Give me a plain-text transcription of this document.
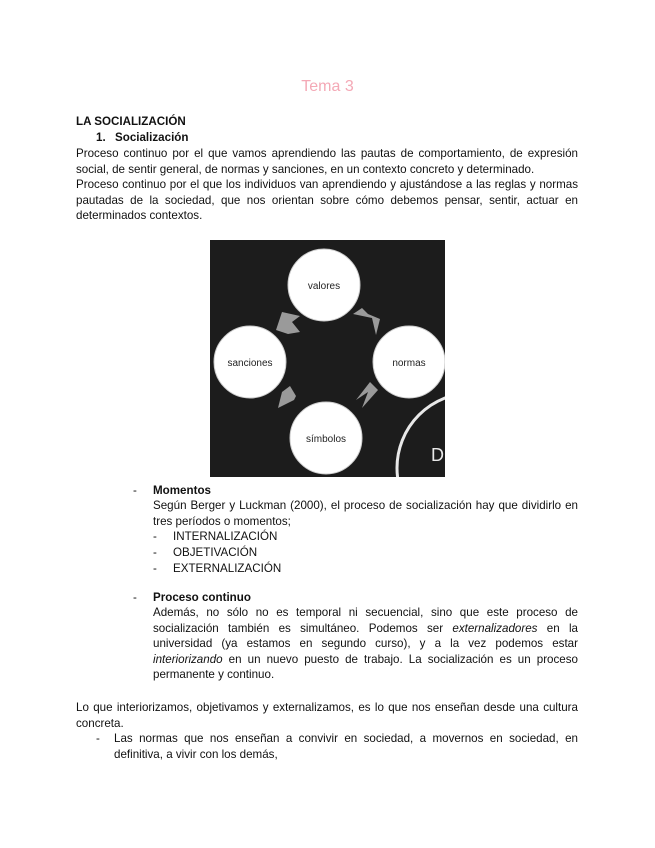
Tema 3
LA SOCIALIZACIÓN
1. Socialización
Proceso continuo por el que vamos aprendiendo las pautas de comportamiento, de expresión social, de sentir general, de normas y sanciones, en un contexto concreto y determinado.
Proceso continuo por el que los individuos van aprendiendo y ajustándose a las reglas y normas pautadas de la sociedad, que nos orientan sobre cómo debemos pensar, sentir, actuar en determinados contextos.
D
valores
normas
símbolos
sanciones
- Momentos
Según Berger y Luckman (2000), el proceso de socialización hay que dividirlo en tres períodos o momentos;
- INTERNALIZACIÓN
- OBJETIVACIÓN
- EXTERNALIZACIÓN
- Proceso continuo
Además, no sólo no es temporal ni secuencial, sino que este proceso de socialización también es simultáneo. Podemos ser externalizadores en la universidad (ya estamos en segundo curso), y a la vez podemos estar interiorizando en un nuevo puesto de trabajo. La socialización es un proceso permanente y continuo.
Lo que interiorizamos, objetivamos y externalizamos, es lo que nos enseñan desde una cultura concreta.
- Las normas que nos enseñan a convivir en sociedad, a movernos en sociedad, en definitiva, a vivir con los demás,
